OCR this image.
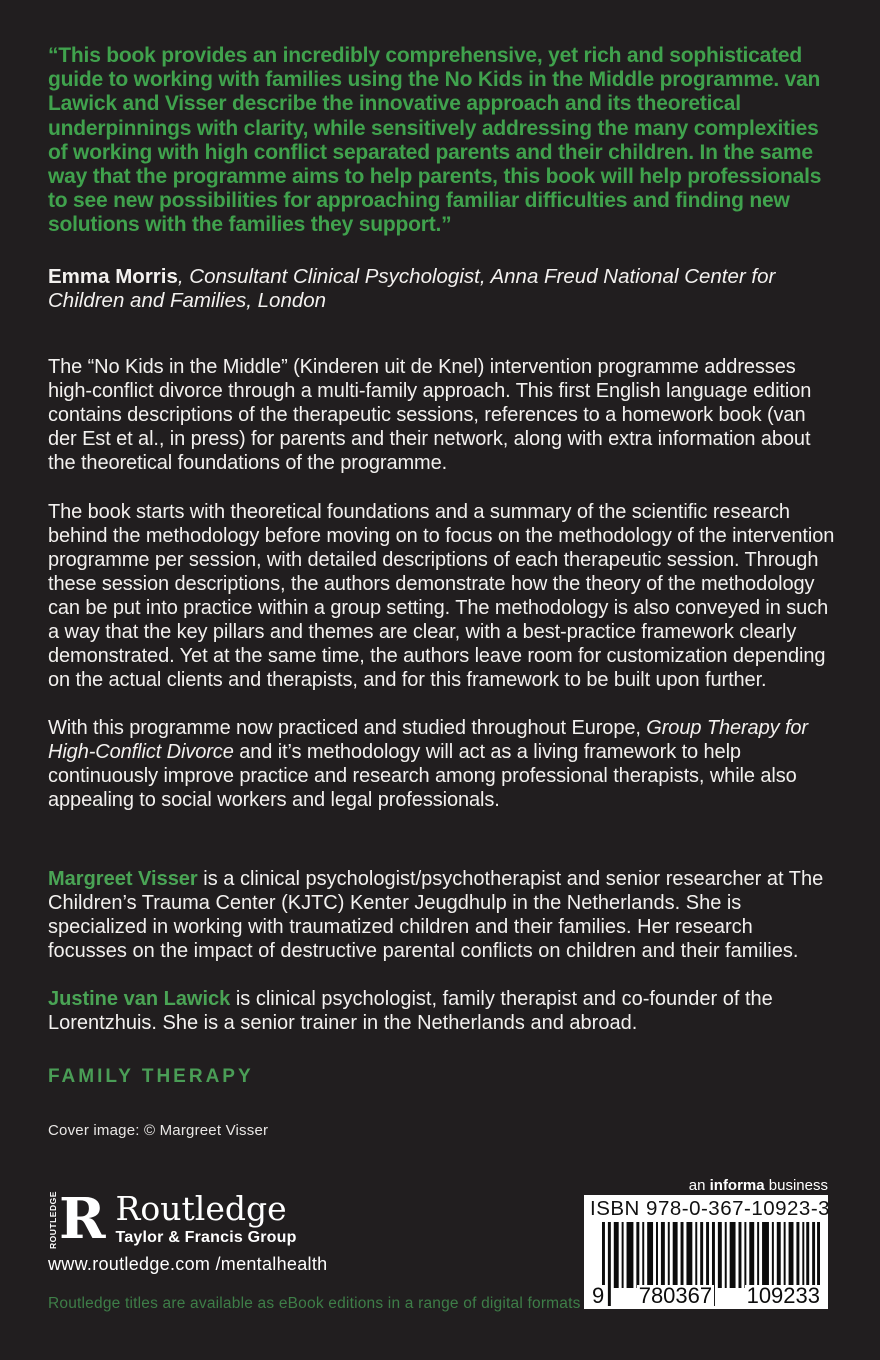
“This book provides an incredibly comprehensive, yet rich and sophisticated guide to working with families using the No Kids in the Middle programme. van Lawick and Visser describe the innovative approach and its theoretical underpinnings with clarity, while sensitively addressing the many complexities of working with high conflict separated parents and their children. In the same way that the programme aims to help parents, this book will help professionals to see new possibilities for approaching familiar difficulties and finding new solutions with the families they support.”
Emma Morris, Consultant Clinical Psychologist, Anna Freud National Center for Children and Families, London
The “No Kids in the Middle” (Kinderen uit de Knel) intervention programme addresses high-conflict divorce through a multi-family approach. This first English language edition contains descriptions of the therapeutic sessions, references to a homework book (van der Est et al., in press) for parents and their network, along with extra information about the theoretical foundations of the programme.
The book starts with theoretical foundations and a summary of the scientific research behind the methodology before moving on to focus on the methodology of the intervention programme per session, with detailed descriptions of each therapeutic session. Through these session descriptions, the authors demonstrate how the theory of the methodology can be put into practice within a group setting. The methodology is also conveyed in such a way that the key pillars and themes are clear, with a best-practice framework clearly demonstrated. Yet at the same time, the authors leave room for customization depending on the actual clients and therapists, and for this framework to be built upon further.
With this programme now practiced and studied throughout Europe, Group Therapy for High-Conflict Divorce and it’s methodology will act as a living framework to help continuously improve practice and research among professional therapists, while also appealing to social workers and legal professionals.
Margreet Visser is a clinical psychologist/psychotherapist and senior researcher at The Children’s Trauma Center (KJTC) Kenter Jeugdhulp in the Netherlands. She is specialized in working with traumatized children and their families. Her research focusses on the impact of destructive parental conflicts on children and their families.
Justine van Lawick is clinical psychologist, family therapist and co-founder of the Lorentzhuis. She is a senior trainer in the Netherlands and abroad.
FAMILY THERAPY
Cover image: © Margreet Visser
ROUTLEDGE R Routledge
Taylor & Francis Group
www.routledge.com /mentalhealth
an informa business
ISBN 978-0-367-10923-3
9 780367 109233
Routledge titles are available as eBook editions in a range of digital formats
